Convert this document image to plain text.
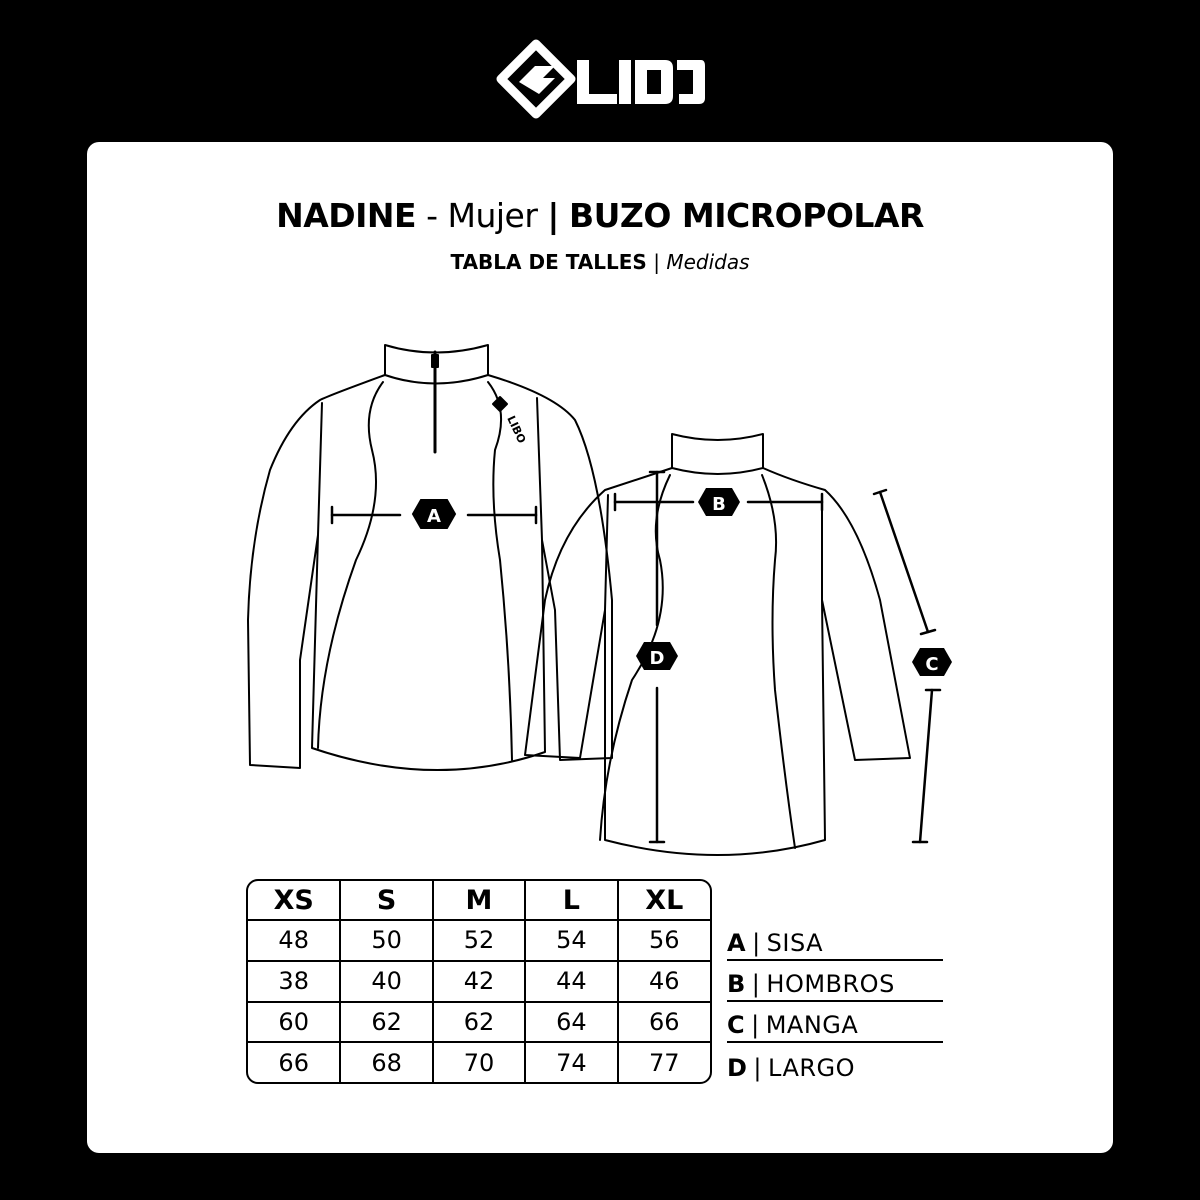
NADINE - Mujer | BUZO MICROPOLAR
TABLA DE TALLES | Medidas
LIBO
A
B
C
D
XS	S	M	L	XL
48	50	52	54	56
38	40	42	44	46
60	62	62	64	66
66	68	70	74	77
A | SISA
B | HOMBROS
C | MANGA
D | LARGO
